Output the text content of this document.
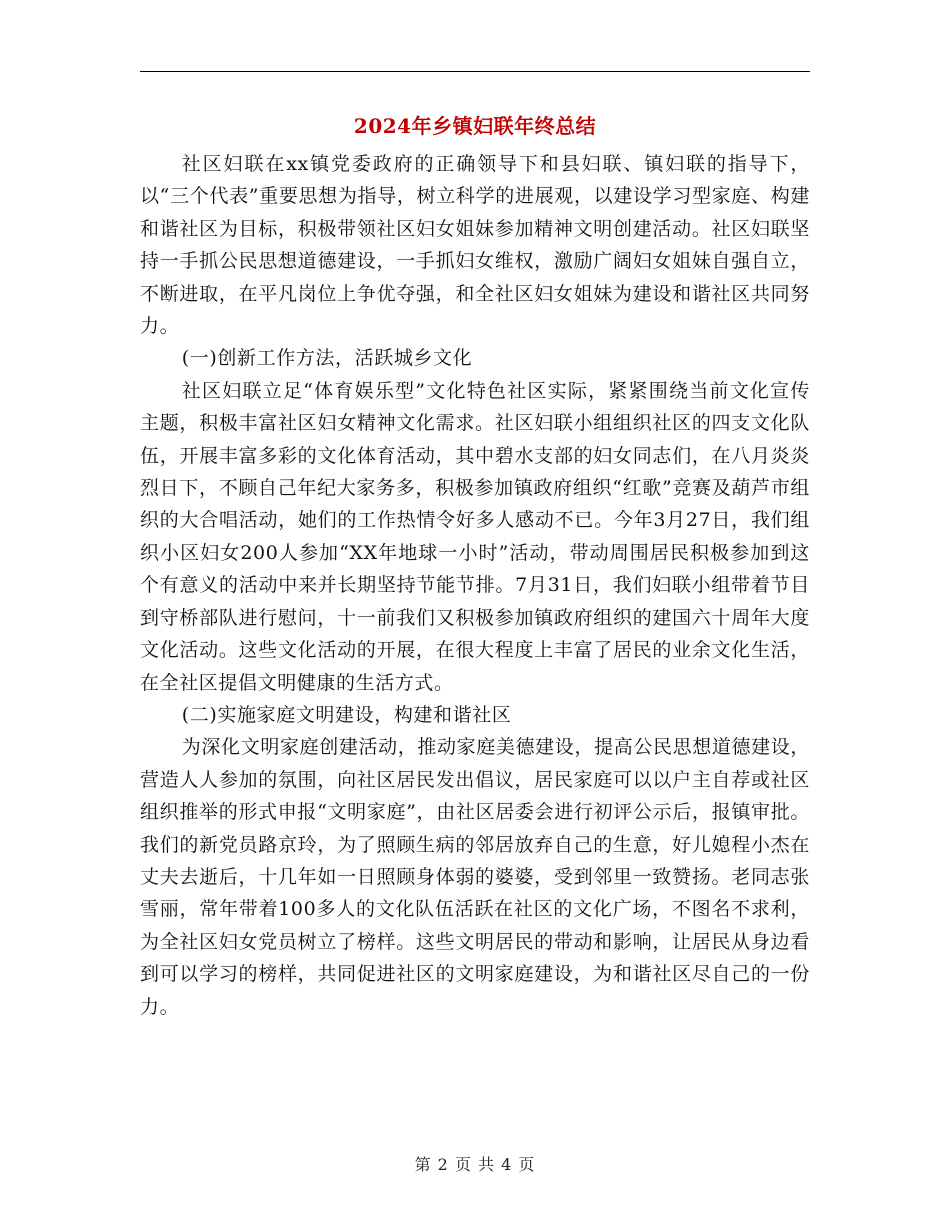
2024年乡镇妇联年终总结

社区妇联在xx镇党委政府的正确领导下和县妇联、镇妇联的指导下，以“三个代表”重要思想为指导，树立科学的进展观，以建设学习型家庭、构建和谐社区为目标，积极带领社区妇女姐妹参加精神文明创建活动。社区妇联坚持一手抓公民思想道德建设，一手抓妇女维权，激励广阔妇女姐妹自强自立，不断进取，在平凡岗位上争优夺强，和全社区妇女姐妹为建设和谐社区共同努力。

(一)创新工作方法，活跃城乡文化

社区妇联立足“体育娱乐型”文化特色社区实际，紧紧围绕当前文化宣传主题，积极丰富社区妇女精神文化需求。社区妇联小组组织社区的四支文化队伍，开展丰富多彩的文化体育活动，其中碧水支部的妇女同志们，在八月炎炎烈日下，不顾自己年纪大家务多，积极参加镇政府组织“红歌”竞赛及葫芦市组织的大合唱活动，她们的工作热情令好多人感动不已。今年3月27日，我们组织小区妇女200人参加“XX年地球一小时”活动，带动周围居民积极参加到这个有意义的活动中来并长期坚持节能节排。7月31日，我们妇联小组带着节目到守桥部队进行慰问，十一前我们又积极参加镇政府组织的建国六十周年大度文化活动。这些文化活动的开展，在很大程度上丰富了居民的业余文化生活，在全社区提倡文明健康的生活方式。

(二)实施家庭文明建设，构建和谐社区

为深化文明家庭创建活动，推动家庭美德建设，提高公民思想道德建设，营造人人参加的氛围，向社区居民发出倡议，居民家庭可以以户主自荐或社区组织推举的形式申报“文明家庭”，由社区居委会进行初评公示后，报镇审批。我们的新党员路京玲，为了照顾生病的邻居放弃自己的生意，好儿媳程小杰在丈夫去逝后，十几年如一日照顾身体弱的婆婆，受到邻里一致赞扬。老同志张雪丽，常年带着100多人的文化队伍活跃在社区的文化广场，不图名不求利，为全社区妇女党员树立了榜样。这些文明居民的带动和影响，让居民从身边看到可以学习的榜样，共同促进社区的文明家庭建设，为和谐社区尽自己的一份力。

第 2 页 共 4 页
